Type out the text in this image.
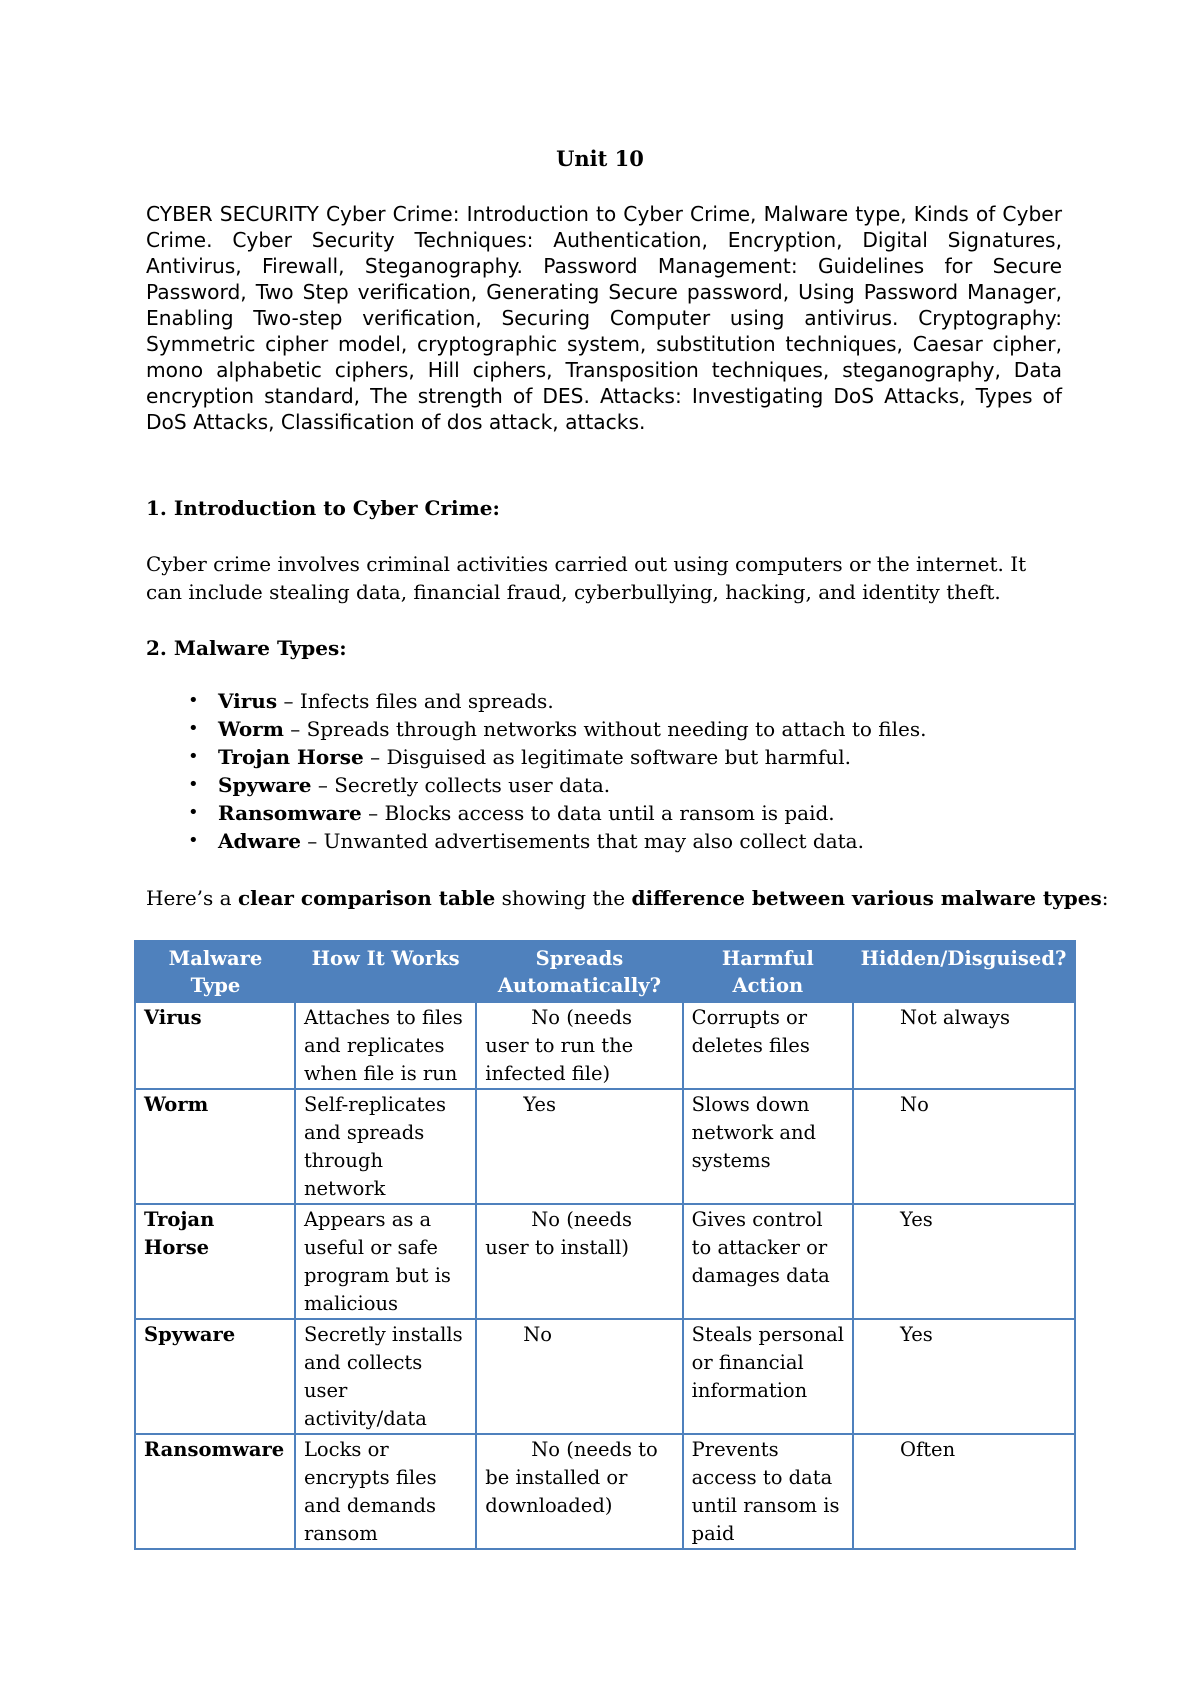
Unit 10

CYBER SECURITY Cyber Crime: Introduction to Cyber Crime, Malware type, Kinds of Cyber Crime. Cyber Security Techniques: Authentication, Encryption, Digital Signatures, Antivirus, Firewall, Steganography. Password Management: Guidelines for Secure Password, Two Step verification, Generating Secure password, Using Password Manager, Enabling Two-step verification, Securing Computer using antivirus. Cryptography: Symmetric cipher model, cryptographic system, substitution techniques, Caesar cipher, mono alphabetic ciphers, Hill ciphers, Transposition techniques, steganography, Data encryption standard, The strength of DES. Attacks: Investigating DoS Attacks, Types of DoS Attacks, Classification of dos attack, attacks.

1. Introduction to Cyber Crime:

Cyber crime involves criminal activities carried out using computers or the internet. It can include stealing data, financial fraud, cyberbullying, hacking, and identity theft.

2. Malware Types:
• Virus – Infects files and spreads.
• Worm – Spreads through networks without needing to attach to files.
• Trojan Horse – Disguised as legitimate software but harmful.
• Spyware – Secretly collects user data.
• Ransomware – Blocks access to data until a ransom is paid.
• Adware – Unwanted advertisements that may also collect data.
Here’s a clear comparison table showing the difference between various malware types:
Malware Type	How It Works	Spreads Automatically?	Harmful Action	Hidden/Disguised?
Virus	Attaches to files and replicates when file is run	No (needs user to run the infected file)	Corrupts or deletes files	Not always
Worm	Self-replicates and spreads through network	Yes	Slows down network and systems	No
Trojan Horse	Appears as a useful or safe program but is malicious	No (needs user to install)	Gives control to attacker or damages data	Yes
Spyware	Secretly installs and collects user activity/data	No	Steals personal or financial information	Yes
Ransomware	Locks or encrypts files and demands ransom	No (needs to be installed or downloaded)	Prevents access to data until ransom is paid	Often
